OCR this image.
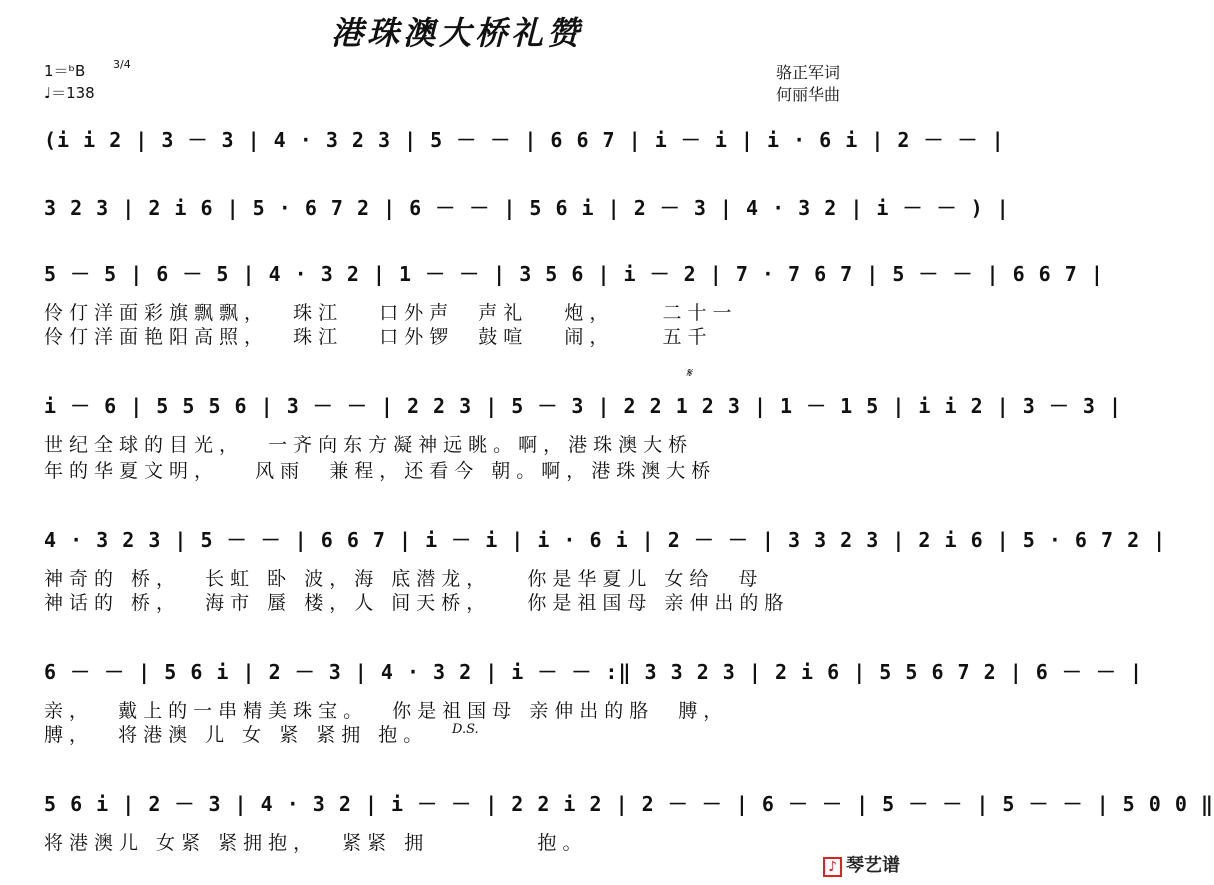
港珠澳大桥礼赞
1＝ᵇB	3/4
♩＝138
骆正军词
何丽华曲
(i i 2 | 3 － 3 | 4 · 3 2 3 | 5 － － | 6 6 7 | i － i | i · 6 i | 2 － － |
3 2 3 | 2 i 6 | 5 · 6 7 2 | 6 － － | 5 6 i | 2 － 3 | 4 · 3 2 | i － － ) |
5 － 5 | 6 － 5 | 4 · 3 2 | 1 － － | 3 5 6 | i － 2 | 7 · 7 6 7 | 5 － － | 6 6 7 |
伶仃洋面彩旗飘飘，  珠江   口外声  声礼   炮，    二十一
伶仃洋面艳阳高照，  珠江   口外锣  鼓喧   闹，    五千
𝄋
i － 6 | 5 5 5 6 | 3 － － | 2 2 3 | 5 － 3 | 2 2 1 2 3 | 1 － 1 5 | i i 2 | 3 － 3 |
世纪全球的目光，  一齐向东方凝神远眺。啊，港珠澳大桥
年的华夏文明，   风雨  兼程，还看今 朝。啊，港珠澳大桥
4 · 3 2 3 | 5 － － | 6 6 7 | i － i | i · 6 i | 2 － － | 3 3 2 3 | 2 i 6 | 5 · 6 7 2 |
神奇的 桥，  长虹 卧 波，海 底潜龙，   你是华夏儿 女给  母
神话的 桥，  海市 蜃 楼，人 间天桥，   你是祖国母 亲伸出的胳
6 － － | 5 6 i | 2 － 3 | 4 · 3 2 | i － － :‖ 3 3 2 3 | 2 i 6 | 5 5 6 7 2 | 6 － － |
亲，  戴上的一串精美珠宝。  你是祖国母 亲伸出的胳  膊，
膊，  将港澳 儿 女 紧 紧拥 抱。 D.S.
5 6 i | 2 － 3 | 4 · 3 2 | i － － | 2 2 i 2 | 2 － － | 6 － － | 5 － － | 5 － － | 5 0 0 ‖
将港澳儿 女紧 紧拥抱，  紧紧 拥         抱。

♪ 琴艺谱
